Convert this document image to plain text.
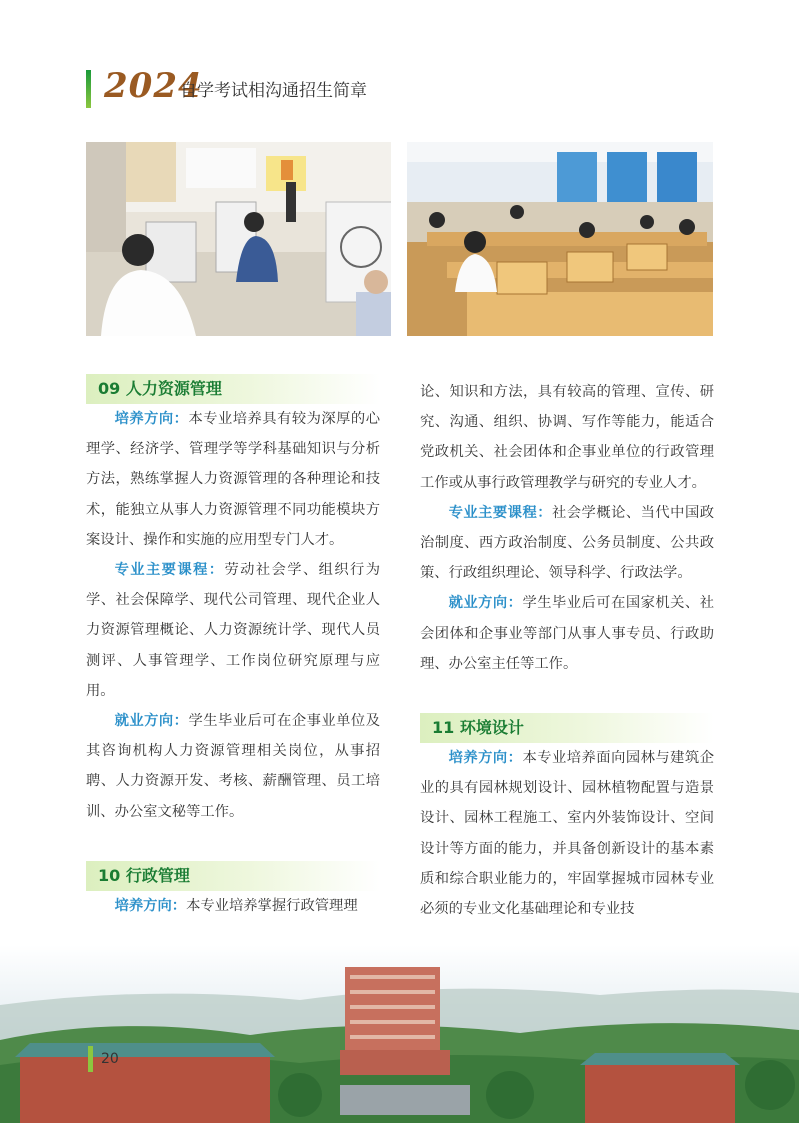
2024
自学考试相沟通招生简章
09 人力资源管理

培养方向：本专业培养具有较为深厚的心理学、经济学、管理学等学科基础知识与分析方法，熟练掌握人力资源管理的各种理论和技术，能独立从事人力资源管理不同功能模块方案设计、操作和实施的应用型专门人才。

专业主要课程：劳动社会学、组织行为学、社会保障学、现代公司管理、现代企业人力资源管理概论、人力资源统计学、现代人员测评、人事管理学、工作岗位研究原理与应用。

就业方向：学生毕业后可在企事业单位及其咨询机构人力资源管理相关岗位，从事招聘、人力资源开发、考核、薪酬管理、员工培训、办公室文秘等工作。

10 行政管理

培养方向：本专业培养掌握行政管理理

论、知识和方法，具有较高的管理、宣传、研究、沟通、组织、协调、写作等能力，能适合党政机关、社会团体和企事业单位的行政管理工作或从事行政管理教学与研究的专业人才。

专业主要课程：社会学概论、当代中国政治制度、西方政治制度、公务员制度、公共政策、行政组织理论、领导科学、行政法学。

就业方向：学生毕业后可在国家机关、社会团体和企事业等部门从事人事专员、行政助理、办公室主任等工作。

11 环境设计

培养方向：本专业培养面向园林与建筑企业的具有园林规划设计、园林植物配置与造景设计、园林工程施工、室内外装饰设计、空间设计等方面的能力，并具备创新设计的基本素质和综合职业能力的，牢固掌握城市园林专业必须的专业文化基础理论和专业技

20
